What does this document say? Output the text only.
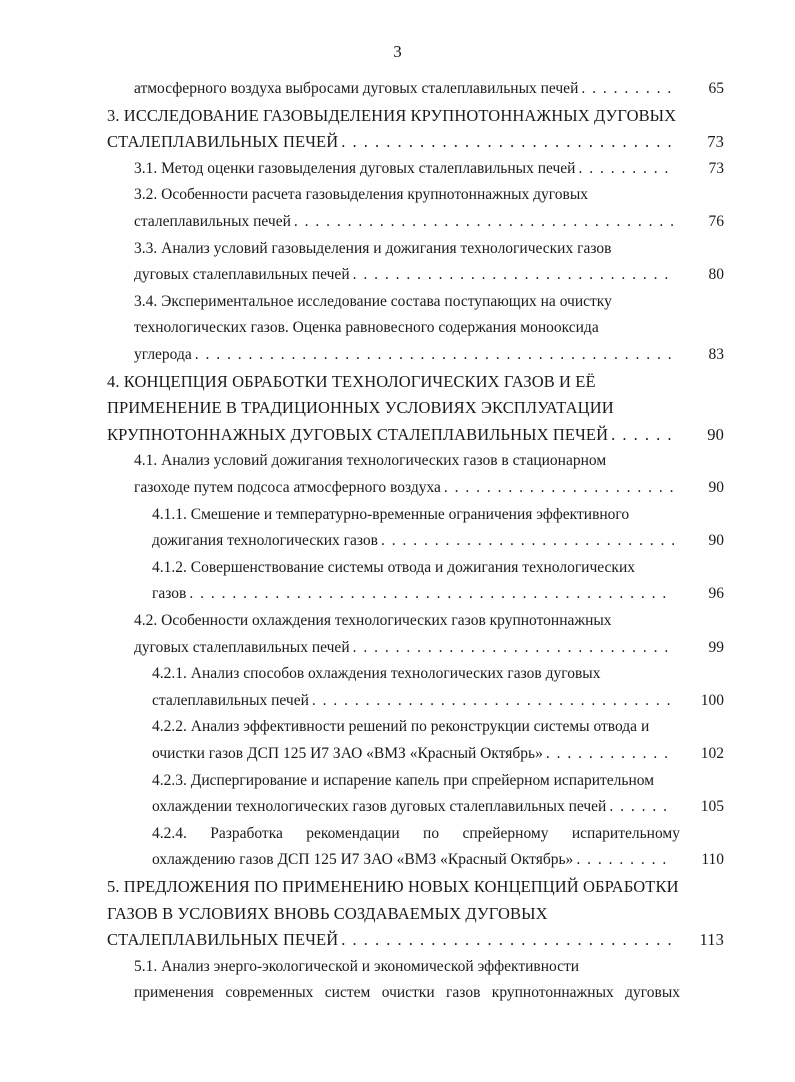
3
атмосферного воздуха выбросами дуговых сталеплавильных печей . . .	65
3. ИССЛЕДОВАНИЕ ГАЗОВЫДЕЛЕНИЯ КРУПНОТОННАЖНЫХ ДУГОВЫХ
СТАЛЕПЛАВИЛЬНЫХ ПЕЧЕЙ . . .	73
3.1. Метод оценки газовыделения дуговых сталеплавильных печей . . .	73
3.2. Особенности расчета газовыделения крупнотоннажных дуговых
сталеплавильных печей . . .	76
3.3. Анализ условий газовыделения и дожигания технологических газов
дуговых сталеплавильных печей . . .	80
3.4. Экспериментальное исследование состава поступающих на очистку
технологических газов. Оценка равновесного содержания монооксида
углерода . . .	83
4. КОНЦЕПЦИЯ ОБРАБОТКИ ТЕХНОЛОГИЧЕСКИХ ГАЗОВ И ЕЁ
ПРИМЕНЕНИЕ В ТРАДИЦИОННЫХ УСЛОВИЯХ ЭКСПЛУАТАЦИИ
КРУПНОТОННАЖНЫХ ДУГОВЫХ СТАЛЕПЛАВИЛЬНЫХ ПЕЧЕЙ . . .	90
4.1. Анализ условий дожигания технологических газов в стационарном
газоходе путем подсоса атмосферного воздуха . . .	90
4.1.1. Смешение и температурно-временные ограничения эффективного
дожигания технологических газов . . .	90
4.1.2. Совершенствование системы отвода и дожигания технологических
газов . . .	96
4.2. Особенности охлаждения технологических газов крупнотоннажных
дуговых сталеплавильных печей . . .	99
4.2.1. Анализ способов охлаждения технологических газов дуговых
сталеплавильных печей . . .	100
4.2.2. Анализ эффективности решений по реконструкции системы отвода и
очистки газов ДСП 125 И7 ЗАО «ВМЗ «Красный Октябрь» . . .	102
4.2.3. Диспергирование и испарение капель при спрейерном испарительном
охлаждении технологических газов дуговых сталеплавильных печей . . .	105
4.2.4. Разработка рекомендации по спрейерному испарительному
охлаждению газов ДСП 125 И7 ЗАО «ВМЗ «Красный Октябрь» . . .	110
5. ПРЕДЛОЖЕНИЯ ПО ПРИМЕНЕНИЮ НОВЫХ КОНЦЕПЦИЙ ОБРАБОТКИ
ГАЗОВ В УСЛОВИЯХ ВНОВЬ СОЗДАВАЕМЫХ ДУГОВЫХ
СТАЛЕПЛАВИЛЬНЫХ ПЕЧЕЙ . . .	113
5.1. Анализ энерго-экологической и экономической эффективности
применения современных систем очистки газов крупнотоннажных дуговых
